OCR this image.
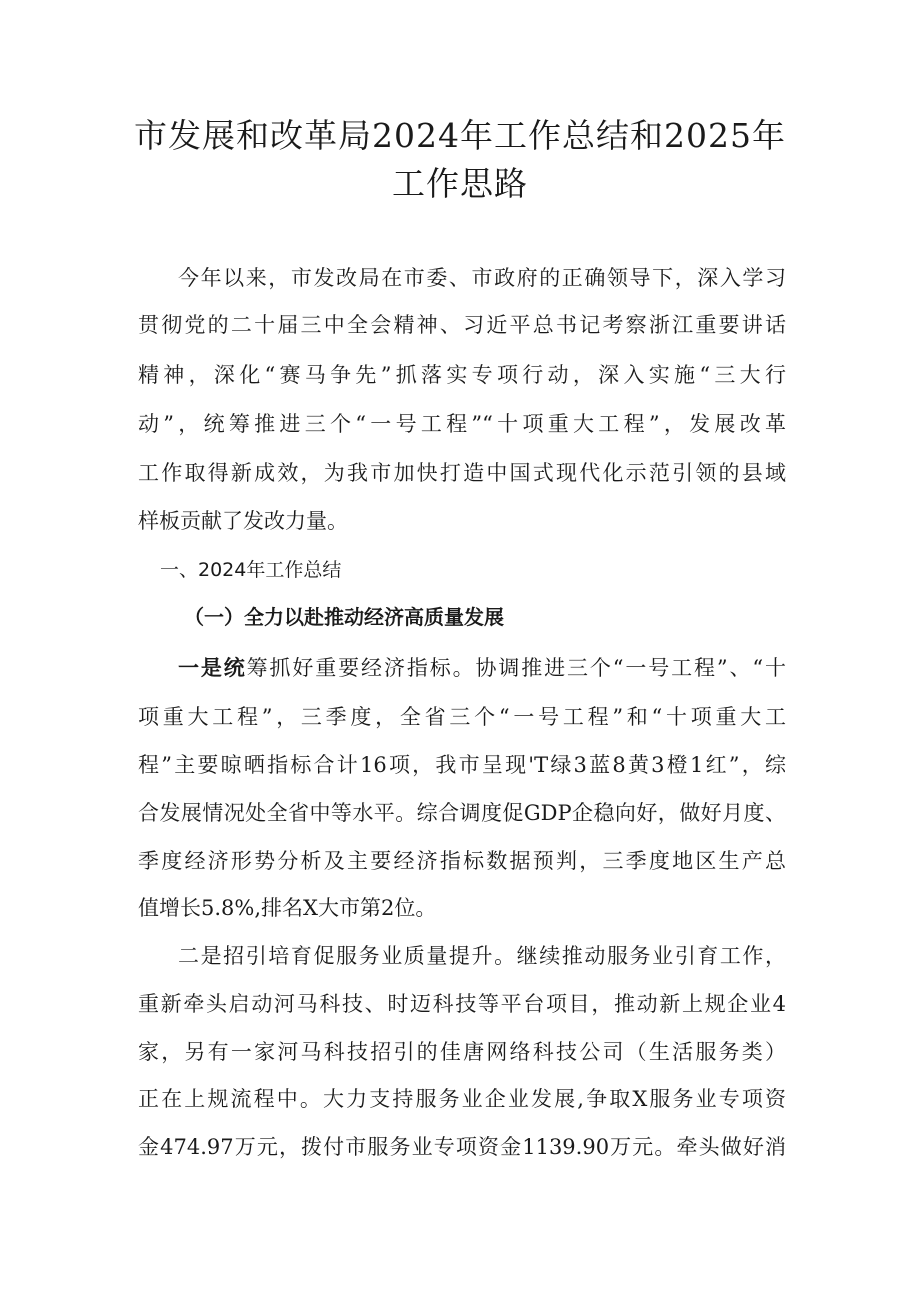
市发展和改革局2024年工作总结和2025年
工作思路

今年以来，市发改局在市委、市政府的正确领导下，深入学习

贯彻党的二十届三中全会精神、习近平总书记考察浙江重要讲话

精神，深化“赛马争先”抓落实专项行动，深入实施“三大行

动”，统筹推进三个“一号工程”“十项重大工程”，发展改革

工作取得新成效，为我市加快打造中国式现代化示范引领的县域

样板贡献了发改力量。

一、2024年工作总结
（一）全力以赴推动经济高质量发展

一是统筹抓好重要经济指标。协调推进三个“一号工程”、“十

项重大工程”，三季度，全省三个“一号工程”和“十项重大工

程”主要晾晒指标合计16项，我市呈现'T绿3蓝8黄3橙1红”，综

合发展情况处全省中等水平。综合调度促GDP企稳向好，做好月度、

季度经济形势分析及主要经济指标数据预判，三季度地区生产总

值增长5.8%,排名X大市第2位。

二是招引培育促服务业质量提升。继续推动服务业引育工作，

重新牵头启动河马科技、时迈科技等平台项目，推动新上规企业4

家，另有一家河马科技招引的佳唐网络科技公司（生活服务类）

正在上规流程中。大力支持服务业企业发展,争取X服务业专项资

金474.97万元，拨付市服务业专项资金1139.90万元。牵头做好消
